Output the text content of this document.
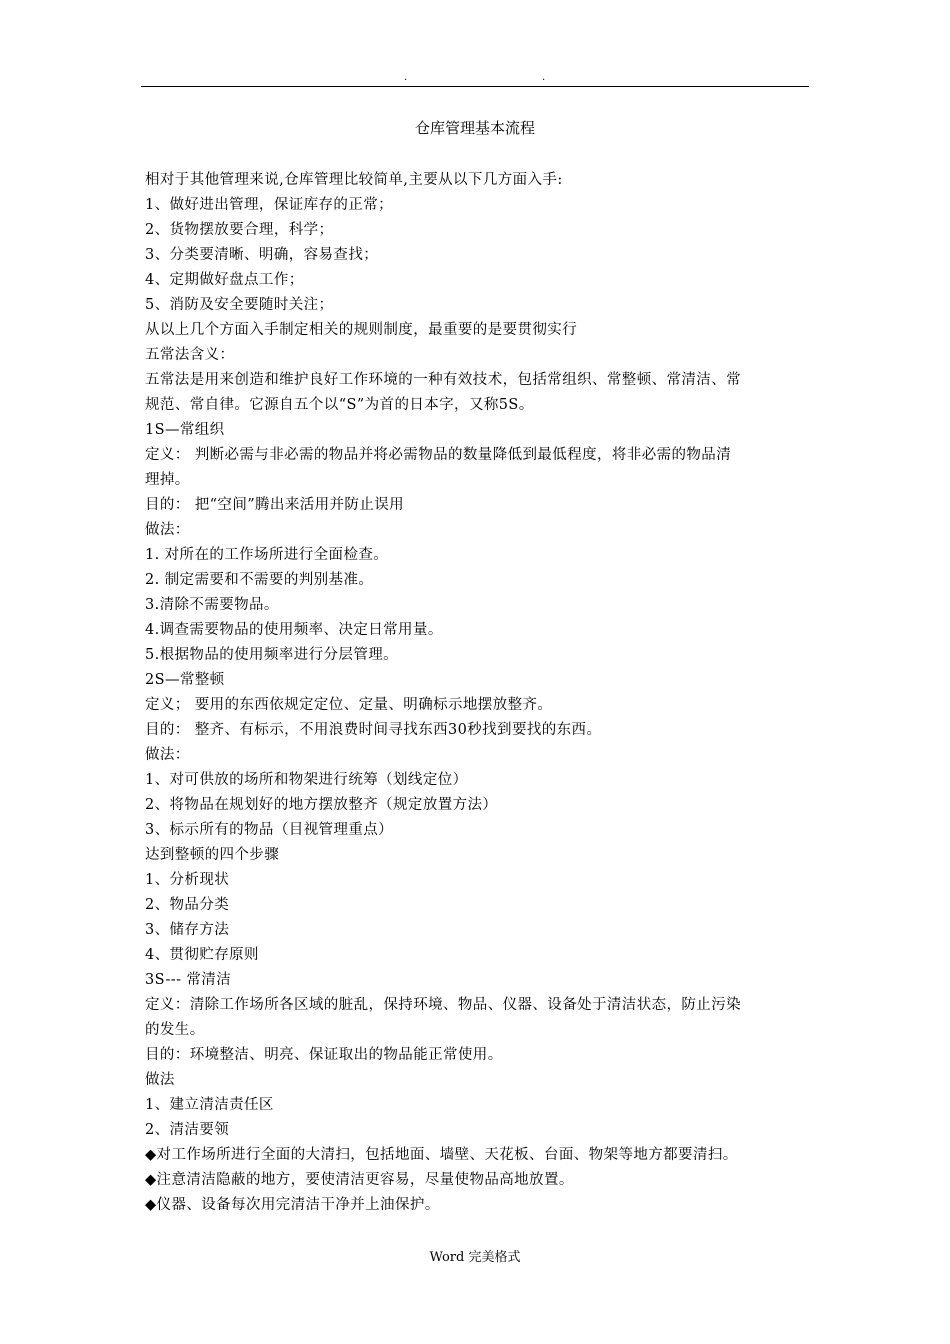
.	.
仓库管理基本流程
相对于其他管理来说,仓库管理比较简单,主要从以下几方面入手:
1、做好进出管理，保证库存的正常；
2、货物摆放要合理，科学；
3、分类要清晰、明确，容易查找；
4、定期做好盘点工作；
5、消防及安全要随时关注；
从以上几个方面入手制定相关的规则制度，最重要的是要贯彻实行
五常法含义：
五常法是用来创造和维护良好工作环境的一种有效技术，包括常组织、常整顿、常清洁、常
规范、常自律。它源自五个以“S”为首的日本字，又称5S。
1S—常组织
定义： 判断必需与非必需的物品并将必需物品的数量降低到最低程度，将非必需的物品清
理掉。
目的： 把“空间”腾出来活用并防止误用
做法：
1. 对所在的工作场所进行全面检查。
2. 制定需要和不需要的判别基准。
3.清除不需要物品。
4.调查需要物品的使用频率、决定日常用量。
5.根据物品的使用频率进行分层管理。
2S—常整顿
定义； 要用的东西依规定定位、定量、明确标示地摆放整齐。
目的： 整齐、有标示，不用浪费时间寻找东西30秒找到要找的东西。
做法：
1、对可供放的场所和物架进行统筹（划线定位）
2、将物品在规划好的地方摆放整齐（规定放置方法）
3、标示所有的物品（目视管理重点）
达到整顿的四个步骤
1、分析现状
2、物品分类
3、储存方法
4、贯彻贮存原则
3S--- 常清洁
定义：清除工作场所各区域的脏乱，保持环境、物品、仪器、设备处于清洁状态，防止污染
的发生。
目的：环境整洁、明亮、保证取出的物品能正常使用。
做法
1、建立清洁责任区
2、清洁要领
◆对工作场所进行全面的大清扫，包括地面、墙壁、天花板、台面、物架等地方都要清扫。
◆注意清洁隐蔽的地方，要使清洁更容易，尽量使物品高地放置。
◆仪器、设备每次用完清洁干净并上油保护。
Word 完美格式
